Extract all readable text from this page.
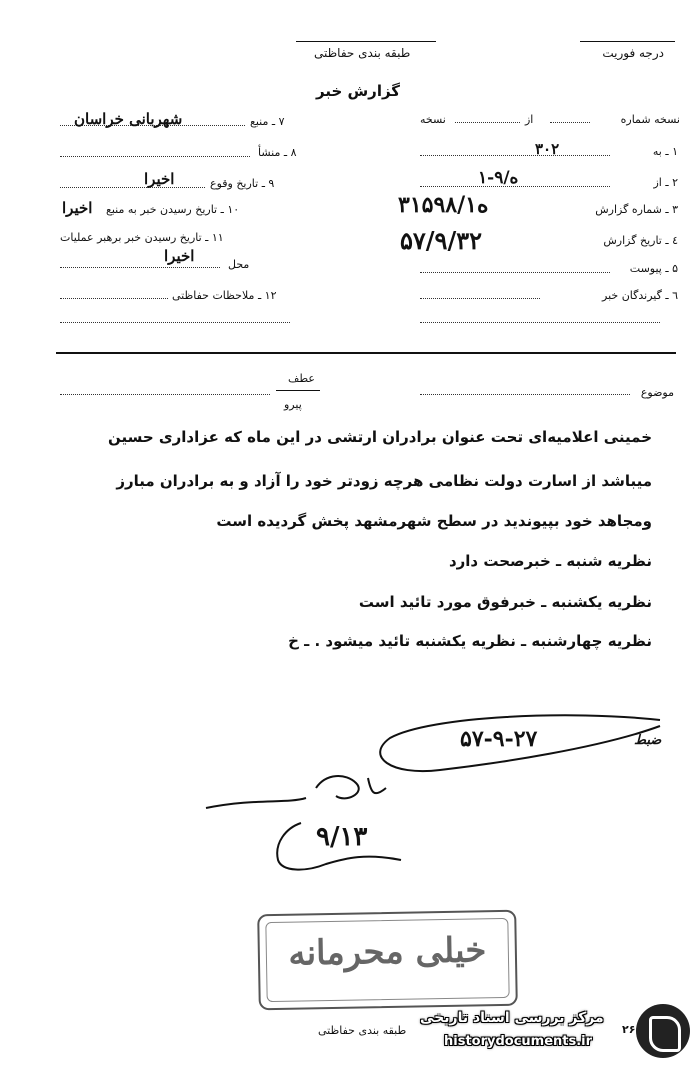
درجه فوریت
طبقه بندی حفاظتی
گزارش خبر
نسخه شماره
از
نسخه
۱ ـ به
۳۰۲
۲ ـ از
۱-ه/۹
۳ ـ شماره گزارش
۳۱۵۹۸/ه۱
٤ ـ تاریخ گزارش
۵۷/۹/۳۲
۵ ـ پیوست
٦ ـ گیرندگان خبر
۷ ـ منبع
شهربانی خراسان
۸ ـ منشأ
۹ ـ تاریخ وقوع
اخیرا
۱۰ ـ تاریخ رسیدن خبر به منبع
اخیرا
۱۱ ـ تاریخ رسیدن خبر برهبر عملیات
اخیرا	محل
۱۲ ـ ملاحظات حفاظتی
موضوع
عطف
پیرو
خمینی اعلامیه‌ای تحت عنوان برادران ارتشی در این ماه که عزاداری حسین
میباشد از اسارت دولت نظامی هرچه زودتر خود را آزاد و به برادران مبارز
ومجاهد خود بپیوندید در سطح شهرمشهد پخش گردیده است
نظریه شنبه ـ خبرصحت دارد
نظریه یکشنبه ـ خبرفوق مورد تائید است
نظریه چهارشنبه ـ نظریه یکشنبه تائید میشود . ـ خ
ضبط
۵۷-۹-۲۷
۹/۱۳
خیلی محرمانه
۲۶
طبقه بندی حفاظتی
مرکز بررسی اسناد تاریخی
historydocuments.ir
